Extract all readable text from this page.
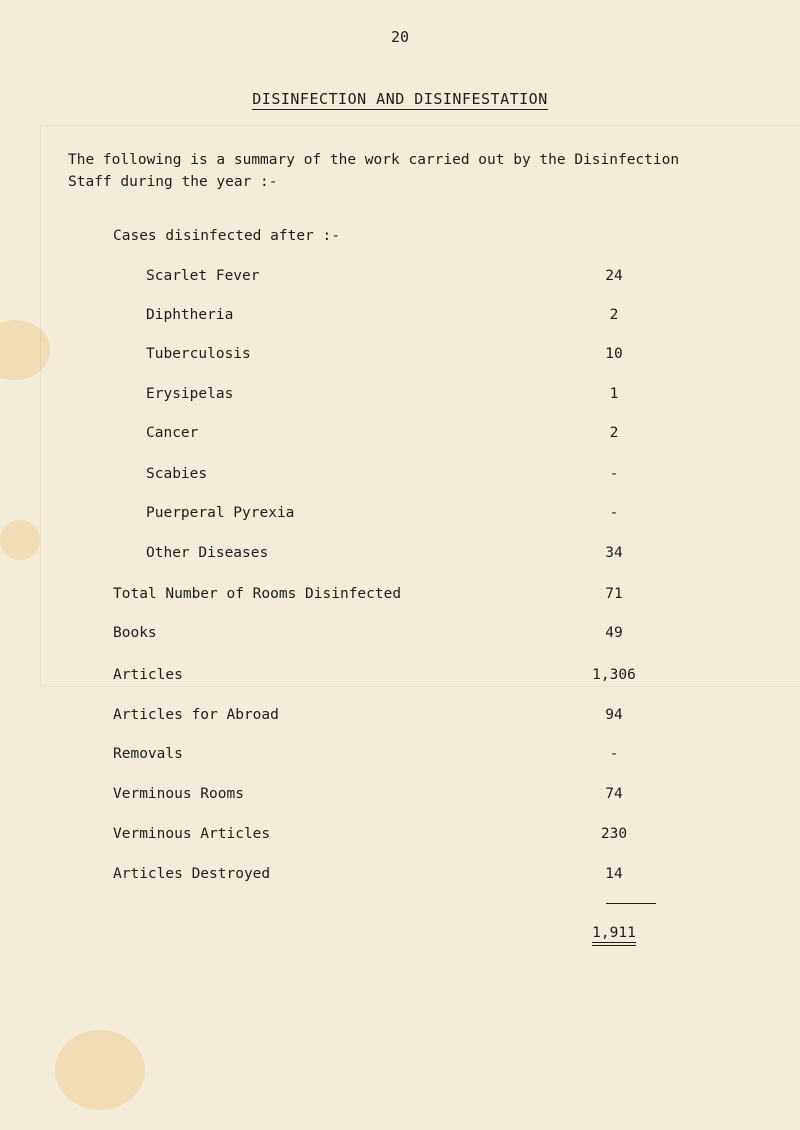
20
DISINFECTION AND DISINFESTATION

The following is a summary of the work carried out by the Disinfection

Staff during the year :-

Cases disinfected after :-
Scarlet Fever	24
Diphtheria	2
Tuberculosis	10
Erysipelas	1
Cancer	2
Scabies	-
Puerperal Pyrexia	-
Other Diseases	34
Total Number of Rooms Disinfected	71
Books	49
Articles	1,306
Articles for Abroad	94
Removals	-
Verminous Rooms	74
Verminous Articles	230
Articles Destroyed	14
1,911
